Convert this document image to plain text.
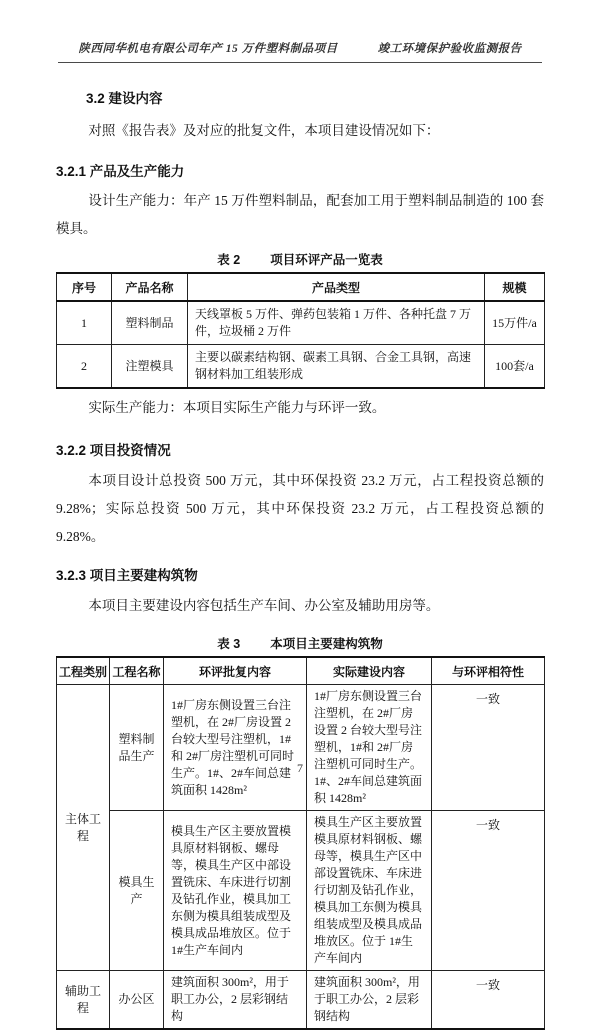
陕西同华机电有限公司年产 15 万件塑料制品项目	竣工环境保护验收监测报告
3.2 建设内容

对照《报告表》及对应的批复文件，本项目建设情况如下：

3.2.1 产品及生产能力

设计生产能力：年产 15 万件塑料制品，配套加工用于塑料制品制造的 100 套模具。

表 2 项目环评产品一览表
序号	产品名称	产品类型	规模
1	塑料制品	天线罩板 5 万件、弹药包装箱 1 万件、各种托盘 7 万件，垃圾桶 2 万件	15万件/a
2	注塑模具	主要以碳素结构钢、碳素工具钢、合金工具钢，高速钢材料加工组装形成	100套/a

实际生产能力：本项目实际生产能力与环评一致。

3.2.2 项目投资情况

本项目设计总投资 500 万元，其中环保投资 23.2 万元，占工程投资总额的 9.28%；实际总投资 500 万元，其中环保投资 23.2 万元，占工程投资总额的 9.28%。

3.2.3 项目主要建构筑物

本项目主要建设内容包括生产车间、办公室及辅助用房等。

表 3 本项目主要建构筑物
工程类别	工程名称	环评批复内容	实际建设内容	与环评相符性
主体工程	塑料制品生产	1#厂房东侧设置三台注塑机，在 2#厂房设置 2 台较大型号注塑机，1#和 2#厂房注塑机可同时生产。1#、2#车间总建筑面积 1428m²	1#厂房东侧设置三台注塑机，在 2#厂房设置 2 台较大型号注塑机，1#和 2#厂房注塑机可同时生产。1#、2#车间总建筑面积 1428m²	一致
	模具生产	模具生产区主要放置模具原材料钢板、螺母等，模具生产区中部设置铣床、车床进行切割及钻孔作业，模具加工东侧为模具组装成型及模具成品堆放区。位于 1#生产车间内	模具生产区主要放置模具原材料钢板、螺母等，模具生产区中部设置铣床、车床进行切割及钻孔作业，模具加工东侧为模具组装成型及模具成品堆放区。位于 1#生产车间内	一致
辅助工程	办公区	建筑面积 300m²，用于职工办公，2 层彩钢结构	建筑面积 300m²，用于职工办公，2 层彩钢结构	一致
7
